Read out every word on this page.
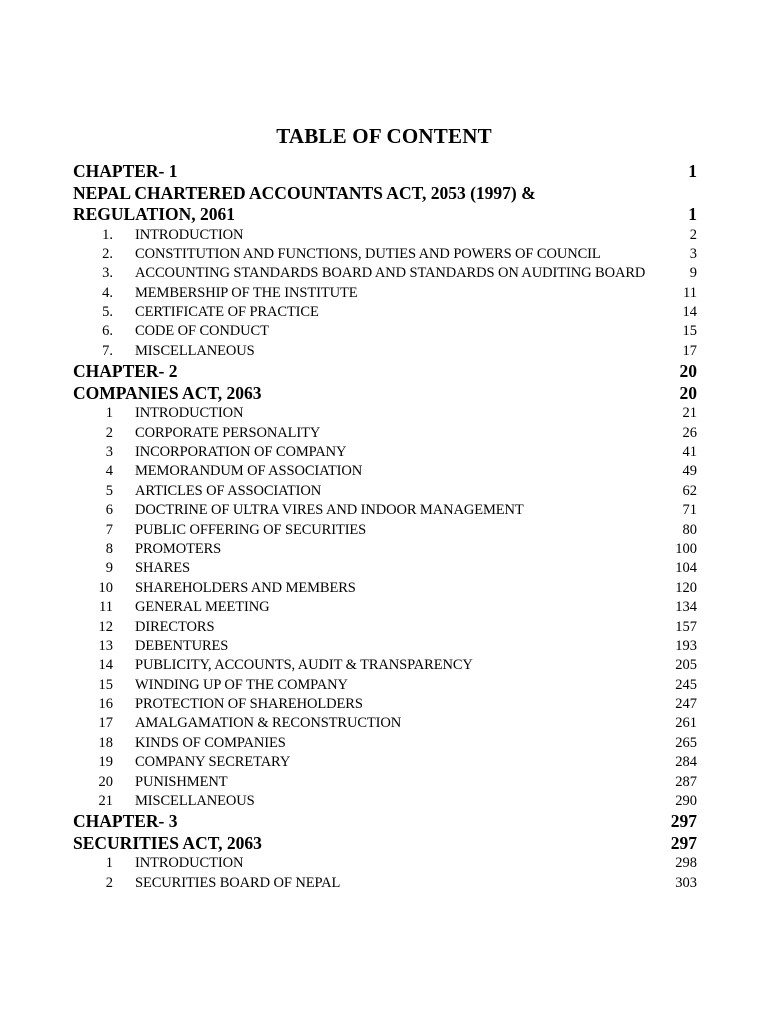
TABLE OF CONTENT
CHAPTER- 1	1
NEPAL CHARTERED ACCOUNTANTS ACT, 2053 (1997) &
REGULATION, 2061	1
1.	INTRODUCTION	2
2.	CONSTITUTION AND FUNCTIONS, DUTIES AND POWERS OF COUNCIL	3
3.	ACCOUNTING STANDARDS BOARD AND STANDARDS ON AUDITING BOARD	9
4.	MEMBERSHIP OF THE INSTITUTE	11
5.	CERTIFICATE OF PRACTICE	14
6.	CODE OF CONDUCT	15
7.	MISCELLANEOUS	17
CHAPTER- 2	20
COMPANIES ACT, 2063	20
1	INTRODUCTION	21
2	CORPORATE PERSONALITY	26
3	INCORPORATION OF COMPANY	41
4	MEMORANDUM OF ASSOCIATION	49
5	ARTICLES OF ASSOCIATION	62
6	DOCTRINE OF ULTRA VIRES AND INDOOR MANAGEMENT	71
7	PUBLIC OFFERING OF SECURITIES	80
8	PROMOTERS	100
9	SHARES	104
10	SHAREHOLDERS AND MEMBERS	120
11	GENERAL MEETING	134
12	DIRECTORS	157
13	DEBENTURES	193
14	PUBLICITY, ACCOUNTS, AUDIT & TRANSPARENCY	205
15	WINDING UP OF THE COMPANY	245
16	PROTECTION OF SHAREHOLDERS	247
17	AMALGAMATION & RECONSTRUCTION	261
18	KINDS OF COMPANIES	265
19	COMPANY SECRETARY	284
20	PUNISHMENT	287
21	MISCELLANEOUS	290
CHAPTER- 3	297
SECURITIES ACT, 2063	297
1	INTRODUCTION	298
2	SECURITIES BOARD OF NEPAL	303
